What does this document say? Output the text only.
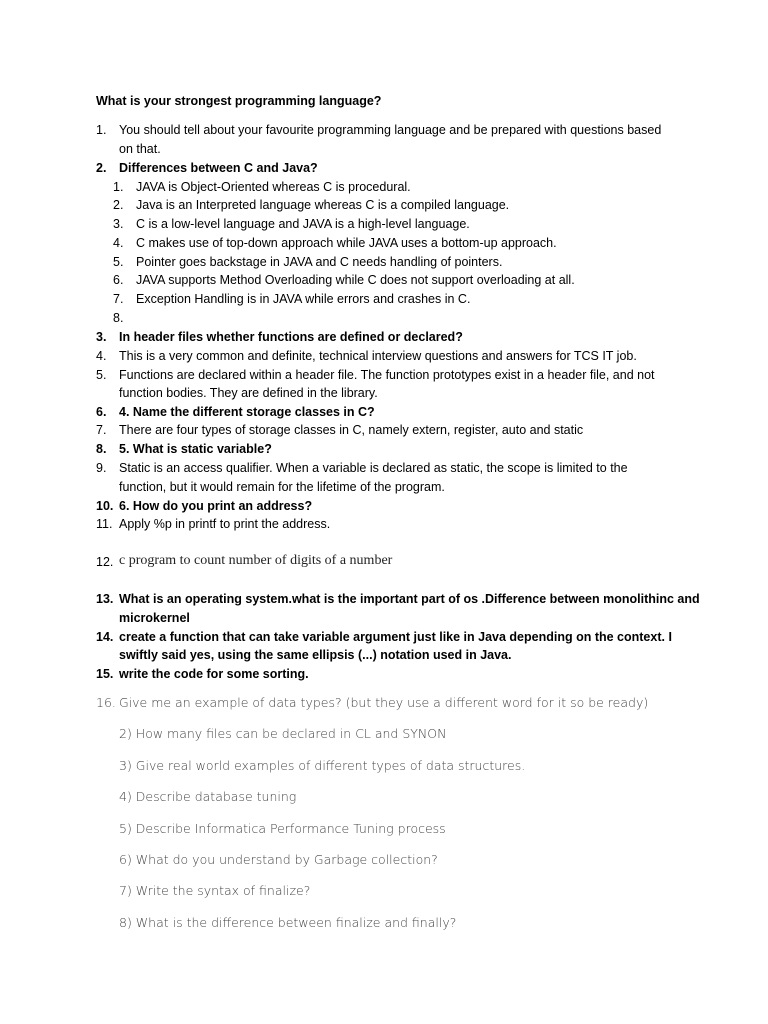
What is your strongest programming language?
1. You should tell about your favourite programming language and be prepared with questions based
on that.
2. Differences between C and Java?
1. JAVA is Object-Oriented whereas C is procedural.
2. Java is an Interpreted language whereas C is a compiled language.
3. C is a low-level language and JAVA is a high-level language.
4. C makes use of top-down approach while JAVA uses a bottom-up approach.
5. Pointer goes backstage in JAVA and C needs handling of pointers.
6. JAVA supports Method Overloading while C does not support overloading at all.
7. Exception Handling is in JAVA while errors and crashes in C.
8.
3. In header files whether functions are defined or declared?
4. This is a very common and definite, technical interview questions and answers for TCS IT job.
5. Functions are declared within a header file. The function prototypes exist in a header file, and not
function bodies. They are defined in the library.
6. 4. Name the different storage classes in C?
7. There are four types of storage classes in C, namely extern, register, auto and static
8. 5. What is static variable?
9. Static is an access qualifier. When a variable is declared as static, the scope is limited to the
function, but it would remain for the lifetime of the program.
10. 6. How do you print an address?
11. Apply %p in printf to print the address.
12. c program to count number of digits of a number
13. What is an operating system.what is the important part of os .Difference between monolithinc and
microkernel
14. create a function that can take variable argument just like in Java depending on the context. I
swiftly said yes, using the same ellipsis (...) notation used in Java.
15. write the code for some sorting.
16. Give me an example of data types? (but they use a different word for it so be ready)
2) How many files can be declared in CL and SYNON
3) Give real world examples of different types of data structures.
4) Describe database tuning
5) Describe Informatica Performance Tuning process
6) What do you understand by Garbage collection?
7) Write the syntax of finalize?
8) What is the difference between finalize and finally?
